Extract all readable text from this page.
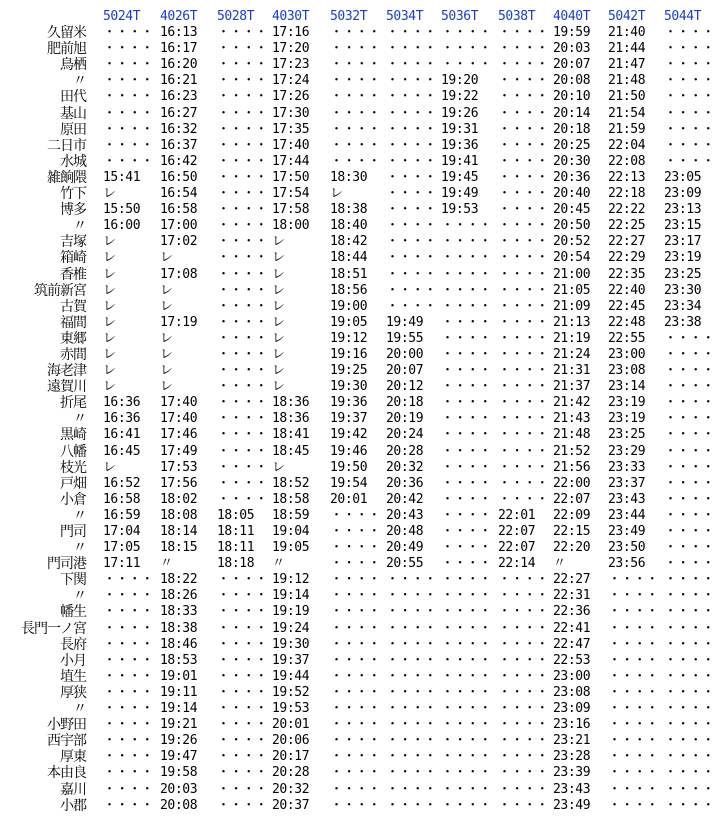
5024T	4026T	5028T	4030T	5032T	5034T	5036T	5038T	4040T	5042T	5044T
久留米 ・・・・ 16:13	・・・・ 17:16	・・・・ ・・・・ ・・・・ ・・・・ 19:59	21:40	・・・・
肥前旭 ・・・・ 16:17	・・・・ 17:20	・・・・ ・・・・ ・・・・ ・・・・ 20:03	21:44	・・・・
鳥栖 ・・・・ 16:20	・・・・ 17:23	・・・・ ・・・・ ・・・・ ・・・・ 20:07	21:47	・・・・
〃 ・・・・ 16:21	・・・・ 17:24	・・・・ ・・・・ 19:20	・・・・ 20:08	21:48	・・・・
田代 ・・・・ 16:23	・・・・ 17:26	・・・・ ・・・・ 19:22	・・・・ 20:10	21:50	・・・・
基山 ・・・・ 16:27	・・・・ 17:30	・・・・ ・・・・ 19:26	・・・・ 20:14	21:54	・・・・
原田 ・・・・ 16:32	・・・・ 17:35	・・・・ ・・・・ 19:31	・・・・ 20:18	21:59	・・・・
二日市 ・・・・ 16:37	・・・・ 17:40	・・・・ ・・・・ 19:36	・・・・ 20:25	22:04	・・・・
水城 ・・・・ 16:42	・・・・ 17:44	・・・・ ・・・・ 19:41	・・・・ 20:30	22:08	・・・・
雑餉隈 15:41	16:50	・・・・ 17:50	18:30	・・・・ 19:45	・・・・ 20:36	22:13	23:05
竹下 レ	16:54	・・・・ 17:54	レ	・・・・ 19:49	・・・・ 20:40	22:18	23:09
博多 15:50	16:58	・・・・ 17:58	18:38	・・・・ 19:53	・・・・ 20:45	22:22	23:13
〃 16:00	17:00	・・・・ 18:00	18:40	・・・・ ・・・・ ・・・・ 20:50	22:25	23:15
吉塚 レ	17:02	・・・・ レ	18:42	・・・・ ・・・・ ・・・・ 20:52	22:27	23:17
箱崎 レ	レ	・・・・ レ	18:44	・・・・ ・・・・ ・・・・ 20:54	22:29	23:19
香椎 レ	17:08	・・・・ レ	18:51	・・・・ ・・・・ ・・・・ 21:00	22:35	23:25
筑前新宮 レ	レ	・・・・ レ	18:56	・・・・ ・・・・ ・・・・ 21:05	22:40	23:30
古賀 レ	レ	・・・・ レ	19:00	・・・・ ・・・・ ・・・・ 21:09	22:45	23:34
福間 レ	17:19	・・・・ レ	19:05	19:49	・・・・ ・・・・ 21:13	22:48	23:38
東郷 レ	レ	・・・・ レ	19:12	19:55	・・・・ ・・・・ 21:19	22:55	・・・・
赤間 レ	レ	・・・・ レ	19:16	20:00	・・・・ ・・・・ 21:24	23:00	・・・・
海老津 レ	レ	・・・・ レ	19:25	20:07	・・・・ ・・・・ 21:31	23:08	・・・・
遠賀川 レ	レ	・・・・ レ	19:30	20:12	・・・・ ・・・・ 21:37	23:14	・・・・
折尾 16:36	17:40	・・・・ 18:36	19:36	20:18	・・・・ ・・・・ 21:42	23:19	・・・・
〃 16:36	17:40	・・・・ 18:36	19:37	20:19	・・・・ ・・・・ 21:43	23:19	・・・・
黒崎 16:41	17:46	・・・・ 18:41	19:42	20:24	・・・・ ・・・・ 21:48	23:25	・・・・
八幡 16:45	17:49	・・・・ 18:45	19:46	20:28	・・・・ ・・・・ 21:52	23:29	・・・・
枝光 レ	17:53	・・・・ レ	19:50	20:32	・・・・ ・・・・ 21:56	23:33	・・・・
戸畑 16:52	17:56	・・・・ 18:52	19:54	20:36	・・・・ ・・・・ 22:00	23:37	・・・・
小倉 16:58	18:02	・・・・ 18:58	20:01	20:42	・・・・ ・・・・ 22:07	23:43	・・・・
〃 16:59	18:08	18:05	18:59	・・・・ 20:43	・・・・ 22:01	22:09	23:44	・・・・
門司 17:04	18:14	18:11	19:04	・・・・ 20:48	・・・・ 22:07	22:15	23:49	・・・・
〃 17:05	18:15	18:11	19:05	・・・・ 20:49	・・・・ 22:07	22:20	23:50	・・・・
門司港 17:11	〃	18:18	〃	・・・・ 20:55	・・・・ 22:14	〃	23:56	・・・・
下関 ・・・・ 18:22	・・・・ 19:12	・・・・ ・・・・ ・・・・ ・・・・ 22:27	・・・・ ・・・・
〃 ・・・・ 18:26	・・・・ 19:14	・・・・ ・・・・ ・・・・ ・・・・ 22:31	・・・・ ・・・・
幡生 ・・・・ 18:33	・・・・ 19:19	・・・・ ・・・・ ・・・・ ・・・・ 22:36	・・・・ ・・・・
長門一ノ宮 ・・・・ 18:38	・・・・ 19:24	・・・・ ・・・・ ・・・・ ・・・・ 22:41	・・・・ ・・・・
長府 ・・・・ 18:46	・・・・ 19:30	・・・・ ・・・・ ・・・・ ・・・・ 22:47	・・・・ ・・・・
小月 ・・・・ 18:53	・・・・ 19:37	・・・・ ・・・・ ・・・・ ・・・・ 22:53	・・・・ ・・・・
埴生 ・・・・ 19:01	・・・・ 19:44	・・・・ ・・・・ ・・・・ ・・・・ 23:00	・・・・ ・・・・
厚狭 ・・・・ 19:11	・・・・ 19:52	・・・・ ・・・・ ・・・・ ・・・・ 23:08	・・・・ ・・・・
〃 ・・・・ 19:14	・・・・ 19:53	・・・・ ・・・・ ・・・・ ・・・・ 23:09	・・・・ ・・・・
小野田 ・・・・ 19:21	・・・・ 20:01	・・・・ ・・・・ ・・・・ ・・・・ 23:16	・・・・ ・・・・
西宇部 ・・・・ 19:26	・・・・ 20:06	・・・・ ・・・・ ・・・・ ・・・・ 23:21	・・・・ ・・・・
厚東 ・・・・ 19:47	・・・・ 20:17	・・・・ ・・・・ ・・・・ ・・・・ 23:28	・・・・ ・・・・
本由良 ・・・・ 19:58	・・・・ 20:28	・・・・ ・・・・ ・・・・ ・・・・ 23:39	・・・・ ・・・・
嘉川 ・・・・ 20:03	・・・・ 20:32	・・・・ ・・・・ ・・・・ ・・・・ 23:43	・・・・ ・・・・
小郡 ・・・・ 20:08	・・・・ 20:37	・・・・ ・・・・ ・・・・ ・・・・ 23:49	・・・・ ・・・・
